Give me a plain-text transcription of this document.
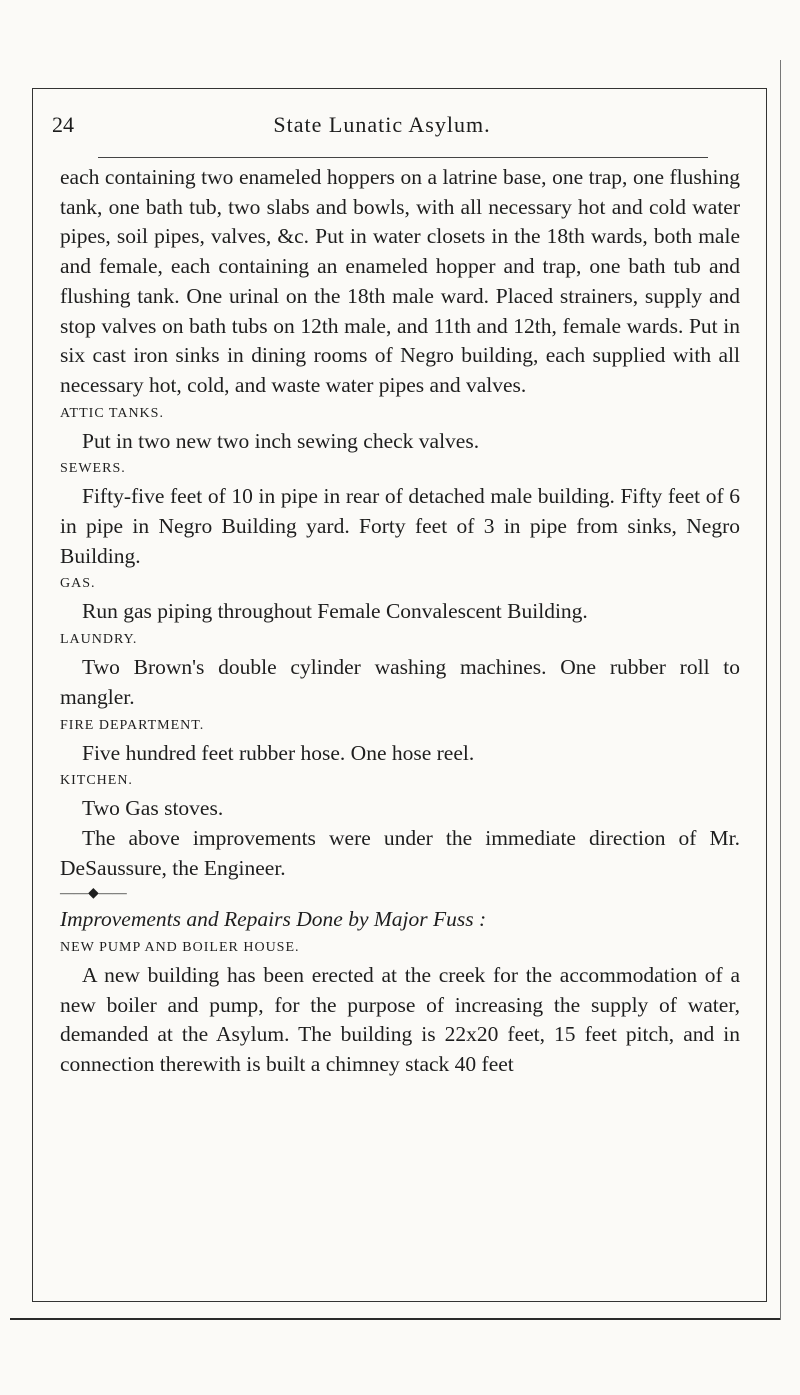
24	State Lunatic Asylum.

each containing two enameled hoppers on a latrine base, one trap, one flushing tank, one bath tub, two slabs and bowls, with all necessary hot and cold water pipes, soil pipes, valves, &c. Put in water closets in the 18th wards, both male and female, each containing an enameled hopper and trap, one bath tub and flushing tank. One urinal on the 18th male ward. Placed strainers, supply and stop valves on bath tubs on 12th male, and 11th and 12th, female wards. Put in six cast iron sinks in dining rooms of Negro building, each supplied with all necessary hot, cold, and waste water pipes and valves.

ATTIC TANKS.

Put in two new two inch sewing check valves.

SEWERS.

Fifty-five feet of 10 in pipe in rear of detached male building. Fifty feet of 6 in pipe in Negro Building yard. Forty feet of 3 in pipe from sinks, Negro Building.

GAS.

Run gas piping throughout Female Convalescent Building.

LAUNDRY.

Two Brown's double cylinder washing machines. One rubber roll to mangler.

FIRE DEPARTMENT.

Five hundred feet rubber hose. One hose reel.

KITCHEN.

Two Gas stoves.

The above improvements were under the immediate direction of Mr. DeSaussure, the Engineer.

——◆——

Improvements and Repairs Done by Major Fuss :

NEW PUMP AND BOILER HOUSE.

A new building has been erected at the creek for the accommodation of a new boiler and pump, for the purpose of increasing the supply of water, demanded at the Asylum. The building is 22x20 feet, 15 feet pitch, and in connection therewith is built a chimney stack 40 feet
